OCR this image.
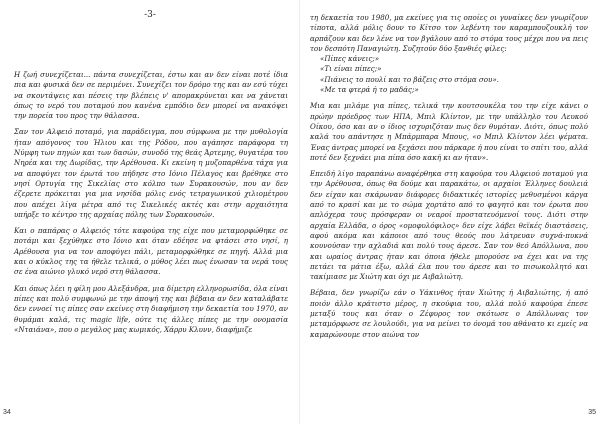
-3-

Η ζωή συνεχίζεται... πάντα συνεχίζεται, έστω και αν δεν είναι ποτέ ίδια πια και φυσικά δεν σε περιμένει. Συνεχίζει τον δρόμο της και αν εσύ τύχει να σκοντάψεις και πέσεις την βλέπεις ν' απομακρύνεται και να χάνεται όπως το νερό του ποταμού που κανένα εμπόδιο δεν μπορεί να ανακόψει την πορεία του προς την θάλασσα.

Σαν τον Αλφειό ποταμό, για παράδειγμα, που σύμφωνα με την μυθολογία ήταν απόγονος του Ήλιου και της Ρόδου, που αγάπησε παράφορα τη Νύμφη των πηγών και των δασών, συνοδό της θεάς Άρτεμης, θυγατέρα του Νηρέα και της Δωρίδας, την Αρέθουσα. Κι εκείνη η μυζοπαρθένα τάχα για να αποφύγει τον έρωτά του πήδησε στο Ιόνιο Πέλαγος και βρέθηκε στο νησί Ορτυγία της Σικελίας στο κόλπο των Συρακουσών, που αν δεν έζερετε πρόκειται για μια νησίδα μόλις ενός τετραγωνικού χιλιομέτρου που απέχει λίγα μέτρα από τις Σικελικές ακτές και στην αρχαιότητα υπήρξε το κέντρο της αρχαίας πόλης των Συρακουσών.

Και ο παπάρας ο Αλφειός τότε καφούρα της είχε που μεταμορφώθηκε σε ποτάμι και ξεχύθηκε στο Ιόνιο και όταν εδέησε να φτάσει στο νησί, η Αρέθουσα για να τον αποφύγει πάλι, μεταμορφώθηκε σε πηγή. Αλλά μια και ο κύκλος της τα ήθελε τελικά, ο μύθος λέει πως ένωσαν τα νερά τους σε ένα αιώνιο γλυκό νερό στη θάλασσα.

Και όπως λέει η φίλη μου Αλεξάνδρα, μια δίμετρη ελληνορωσίδα, όλα είναι πίπες και πολύ συμφωνώ με την άποψή της και βέβαια αν δεν καταλάβατε δεν εννοεί τις πίπες σαν εκείνες στη διαφήμιση την δεκαετία του 1970, αν θυμάμαι καλά, τις magic life, ούτε τις άλλες πίπες με την ονομασία «Νταιάνα», που ο μεγάλος μας κωμικός, Χάρρυ Κλυνν, διαφήμιζε

34

τη δεκαετία του 1980, μα εκείνες για τις οποίες οι γυναίκες δεν γνωρίζουν τίποτα, αλλά μόλις δουν το Κίτσο τον λεβέντη τον καραμπουζουκλή τον αρπάζουν και δεν λένε να τον βγάλουν από το στόμα τους μέχρι που να πεις τον δεσπότη Παναγιώτη. Συζητούν δύο ξανθιές φίλες:

«Πίπες κάνεις;»

«Τι είναι πίπες;»

«Πιάνεις το πουλί και το βάζεις στο στόμα σου».

«Με τα φτερά ή το μαδάς;»

Μια και μιλάμε για πίπες, τελικά την κουτσουκέλα του την είχε κάνει ο πρώην πρόεδρος των ΗΠΑ, Μπιλ Κλίντον, με την υπάλληλο του Λευκού Οίκου, όσο και αν ο ίδιος ισχυριζόταν πως δεν θυμόταν. Διότι, όπως πολύ καλά του απάντησε η Μπάρμπαρα Μπους, «ο Μπιλ Κλίντον λέει ψέματα. Ένας άντρας μπορεί να ξεχάσει που πάρκαρε ή που είναι το σπίτι του, αλλά ποτέ δεν ξεχνάει μια πίπα όσο κακή κι αν ήταν».

Επειδή λίγο παραπάνω αναφέρθηκα στη καφούρα του Αλφειού ποταμού για την Αρέθουσα, όπως θα δούμε και παρακάτω, οι αρχαίοι Έλληνες δουλειά δεν είχαν και σκάρωναν διάφορες διδακτικές ιστορίες μεθυσμένοι κάργα από το κρασί και με το σώμα χορτάτο από το φαγητό και τον έρωτα που απλόχερα τους πρόσφεραν οι νεαροί προστατευόμενοί τους. Διότι στην αρχαία Ελλάδα, ο όρος «ομοφυλόφιλος» δεν είχε λάβει θεϊκές διαστάσεις, αφού ακόμα και κάποιοι από τους θεούς που λάτρευαν συχνά-πυκνά κουνούσαν την αχλαδιά και πολύ τους άρεσε. Σαν τον θεό Απόλλωνα, που και ωραίος άντρας ήταν και όποια ήθελε μπορούσε να έχει και να της πετάει τα μάτια έξω, αλλά έλα που του άρεσε και το πισωκολλητό και τακίμιασε με Χιώτη και όχι με Αιβαλιώτη.

Βέβαια, δεν γνωρίζω εάν ο Υάκινθος ήταν Χιώτης ή Αιβαλιώτης, ή από ποιόν άλλο κράτιστο μέρος, η σκούφια του, αλλά πολύ καφούρα έπεσε μεταξύ τους και όταν ο Ζέφυρος τον σκότωσε ο Απόλλωνας τον μεταμόρφωσε σε λουλούδι, για να μείνει το όνομά του αθάνατο κι εμείς να καμαρώνουμε στον αιώνα τον

35
